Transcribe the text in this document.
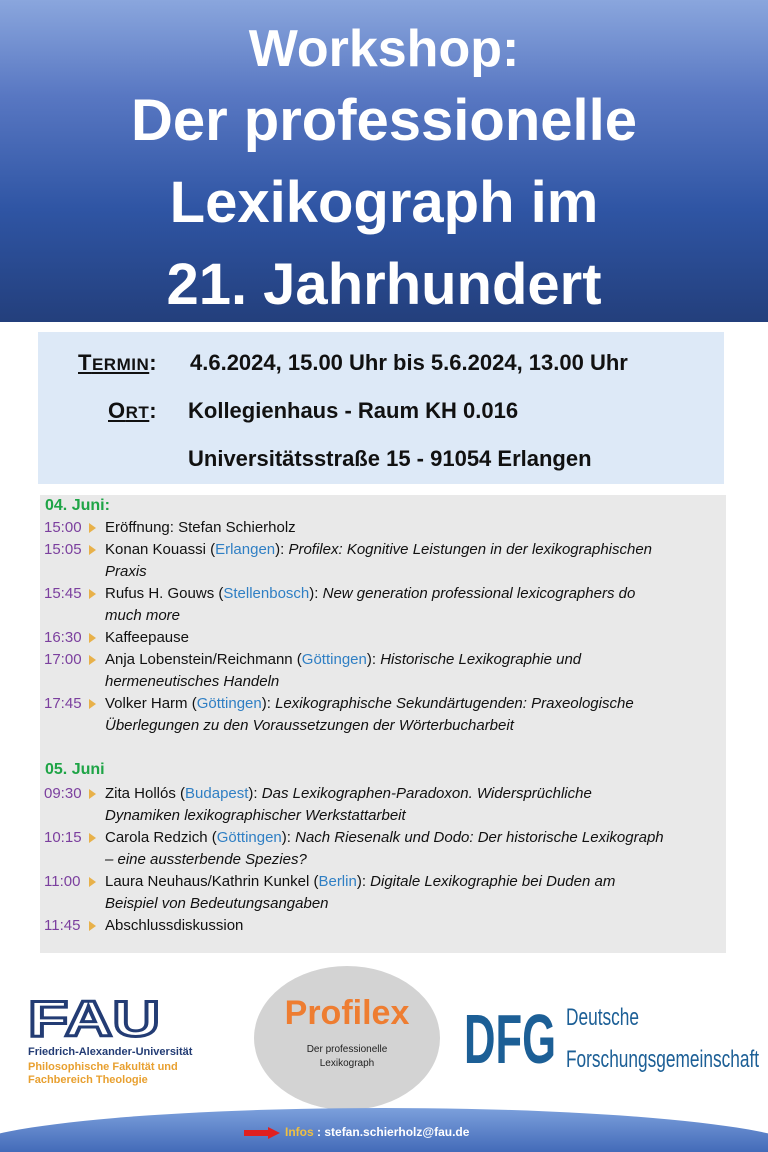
Workshop:
Der professionelle
Lexikograph im
21. Jahrhundert
TERMIN: 4.6.2024, 15.00 Uhr bis 5.6.2024, 13.00 Uhr
ORT: Kollegienhaus - Raum KH 0.016
Universitätsstraße 15 - 91054 Erlangen
04. Juni:
15:00 Eröffnung: Stefan Schierholz
15:05 Konan Kouassi (Erlangen): Profilex: Kognitive Leistungen in der lexikographischen
Praxis
15:45 Rufus H. Gouws (Stellenbosch): New generation professional lexicographers do
much more
16:30 Kaffeepause
17:00 Anja Lobenstein/Reichmann (Göttingen): Historische Lexikographie und
hermeneutisches Handeln
17:45 Volker Harm (Göttingen): Lexikographische Sekundärtugenden: Praxeologische
Überlegungen zu den Voraussetzungen der Wörterbucharbeit
05. Juni
09:30 Zita Hollós (Budapest): Das Lexikographen-Paradoxon. Widersprüchliche
Dynamiken lexikographischer Werkstattarbeit
10:15 Carola Redzich (Göttingen): Nach Riesenalk und Dodo: Der historische Lexikograph
– eine aussterbende Spezies?
11:00 Laura Neuhaus/Kathrin Kunkel (Berlin): Digitale Lexikographie bei Duden am
Beispiel von Bedeutungsangaben
11:45 Abschlussdiskussion
FAU
Friedrich-Alexander-Universität
Philosophische Fakultät und
Fachbereich Theologie
Profilex
Der professionelle
Lexikograph	DFG Deutsche
Forschungsgemeinschaft
Infos : stefan.schierholz@fau.de
